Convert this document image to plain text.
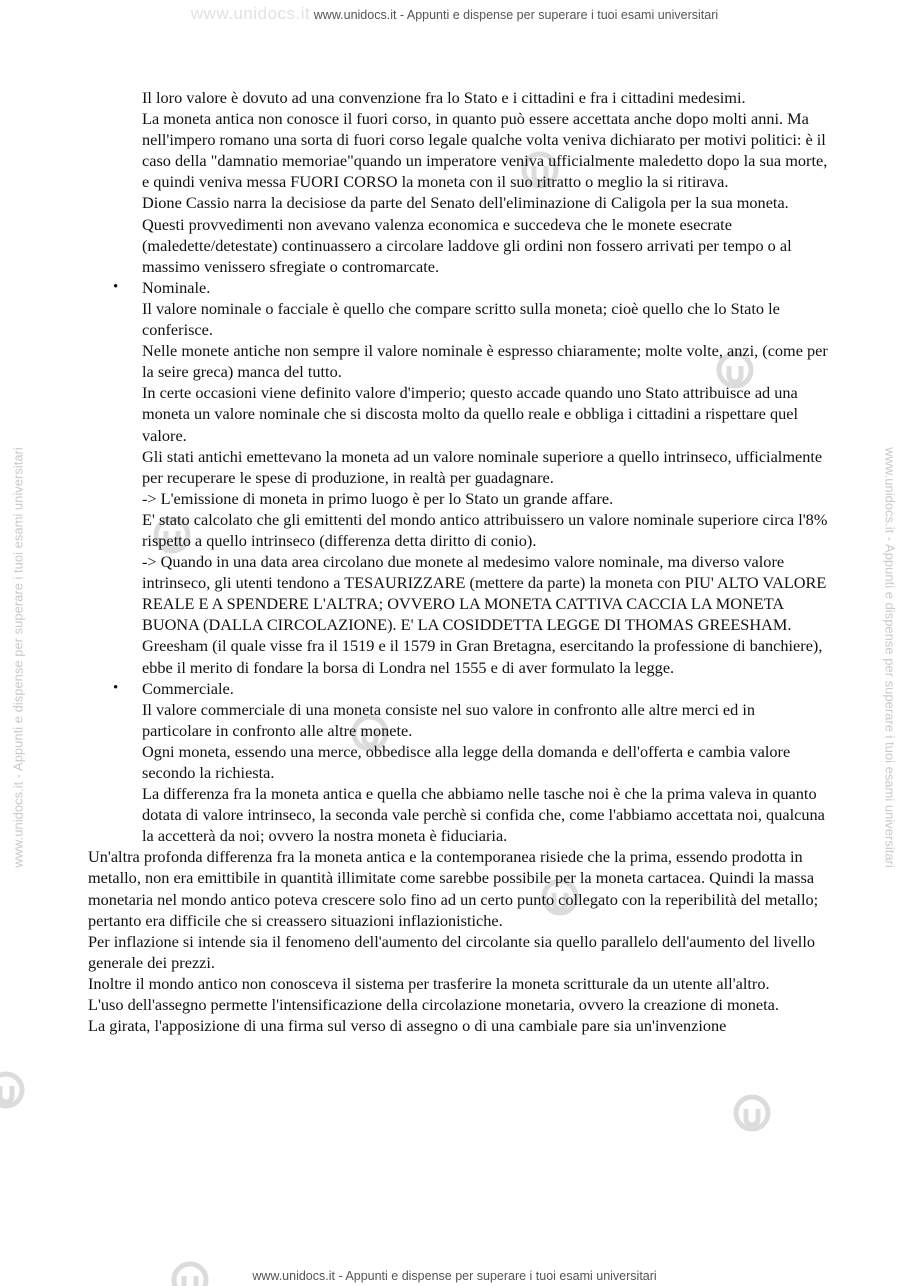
www.unidocs.it www.unidocs.it - Appunti e dispense per superare i tuoi esami universitari
www.unidocs.it - Appunti e dispense per superare i tuoi esami universitari	www.unidocs.it - Appunti e dispense per superare i tuoi esami universitari

Il loro valore è dovuto ad una convenzione fra lo Stato e i cittadini e fra i cittadini medesimi.

La moneta antica non conosce il fuori corso, in quanto può essere accettata anche dopo molti anni. Ma nell'impero romano una sorta di fuori corso legale qualche volta veniva dichiarato per motivi politici: è il caso della "damnatio memoriae"quando un imperatore veniva ufficialmente maledetto dopo la sua morte, e quindi veniva messa FUORI CORSO la moneta con il suo ritratto o meglio la si ritirava.

Dione Cassio narra la decisiose da parte del Senato dell'eliminazione di Caligola per la sua moneta.

Questi provvedimenti non avevano valenza economica e succedeva che le monete esecrate (maledette/detestate) continuassero a circolare laddove gli ordini non fossero arrivati per tempo o al massimo venissero sfregiate o contromarcate.

• Nominale.

Il valore nominale o facciale è quello che compare scritto sulla moneta; cioè quello che lo Stato le conferisce.

Nelle monete antiche non sempre il valore nominale è espresso chiaramente; molte volte, anzi, (come per la seire greca) manca del tutto.

In certe occasioni viene definito valore d'imperio; questo accade quando uno Stato attribuisce ad una moneta un valore nominale che si discosta molto da quello reale e obbliga i cittadini a rispettare quel valore.

Gli stati antichi emettevano la moneta ad un valore nominale superiore a quello intrinseco, ufficialmente per recuperare le spese di produzione, in realtà per guadagnare.

-> L'emissione di moneta in primo luogo è per lo Stato un grande affare.

E' stato calcolato che gli emittenti del mondo antico attribuissero un valore nominale superiore circa l'8% rispetto a quello intrinseco (differenza detta diritto di conio).

-> Quando in una data area circolano due monete al medesimo valore nominale, ma diverso valore intrinseco, gli utenti tendono a TESAURIZZARE (mettere da parte) la moneta con PIU' ALTO VALORE REALE E A SPENDERE L'ALTRA; OVVERO LA MONETA CATTIVA CACCIA LA MONETA BUONA (DALLA CIRCOLAZIONE). E' LA COSIDDETTA LEGGE DI THOMAS GREESHAM.

Greesham (il quale visse fra il 1519 e il 1579 in Gran Bretagna, esercitando la professione di banchiere), ebbe il merito di fondare la borsa di Londra nel 1555 e di aver formulato la legge.

• Commerciale.

Il valore commerciale di una moneta consiste nel suo valore in confronto alle altre merci ed in particolare in confronto alle altre monete.

Ogni moneta, essendo una merce, obbedisce alla legge della domanda e dell'offerta e cambia valore secondo la richiesta.

La differenza fra la moneta antica e quella che abbiamo nelle tasche noi è che la prima valeva in quanto dotata di valore intrinseco, la seconda vale perchè si confida che, come l'abbiamo accettata noi, qualcuna la accetterà da noi; ovvero la nostra moneta è fiduciaria.

Un'altra profonda differenza fra la moneta antica e la contemporanea risiede che la prima, essendo prodotta in metallo, non era emittibile in quantità illimitate come sarebbe possibile per la moneta cartacea. Quindi la massa monetaria nel mondo antico poteva crescere solo fino ad un certo punto collegato con la reperibilità del metallo; pertanto era difficile che si creassero situazioni inflazionistiche.

Per inflazione si intende sia il fenomeno dell'aumento del circolante sia quello parallelo dell'aumento del livello generale dei prezzi.

Inoltre il mondo antico non conosceva il sistema per trasferire la moneta scritturale da un utente all'altro.

L'uso dell'assegno permette l'intensificazione della circolazione monetaria, ovvero la creazione di moneta.

La girata, l'apposizione di una firma sul verso di assegno o di una cambiale pare sia un'invenzione

www.unidocs.it - Appunti e dispense per superare i tuoi esami universitari
